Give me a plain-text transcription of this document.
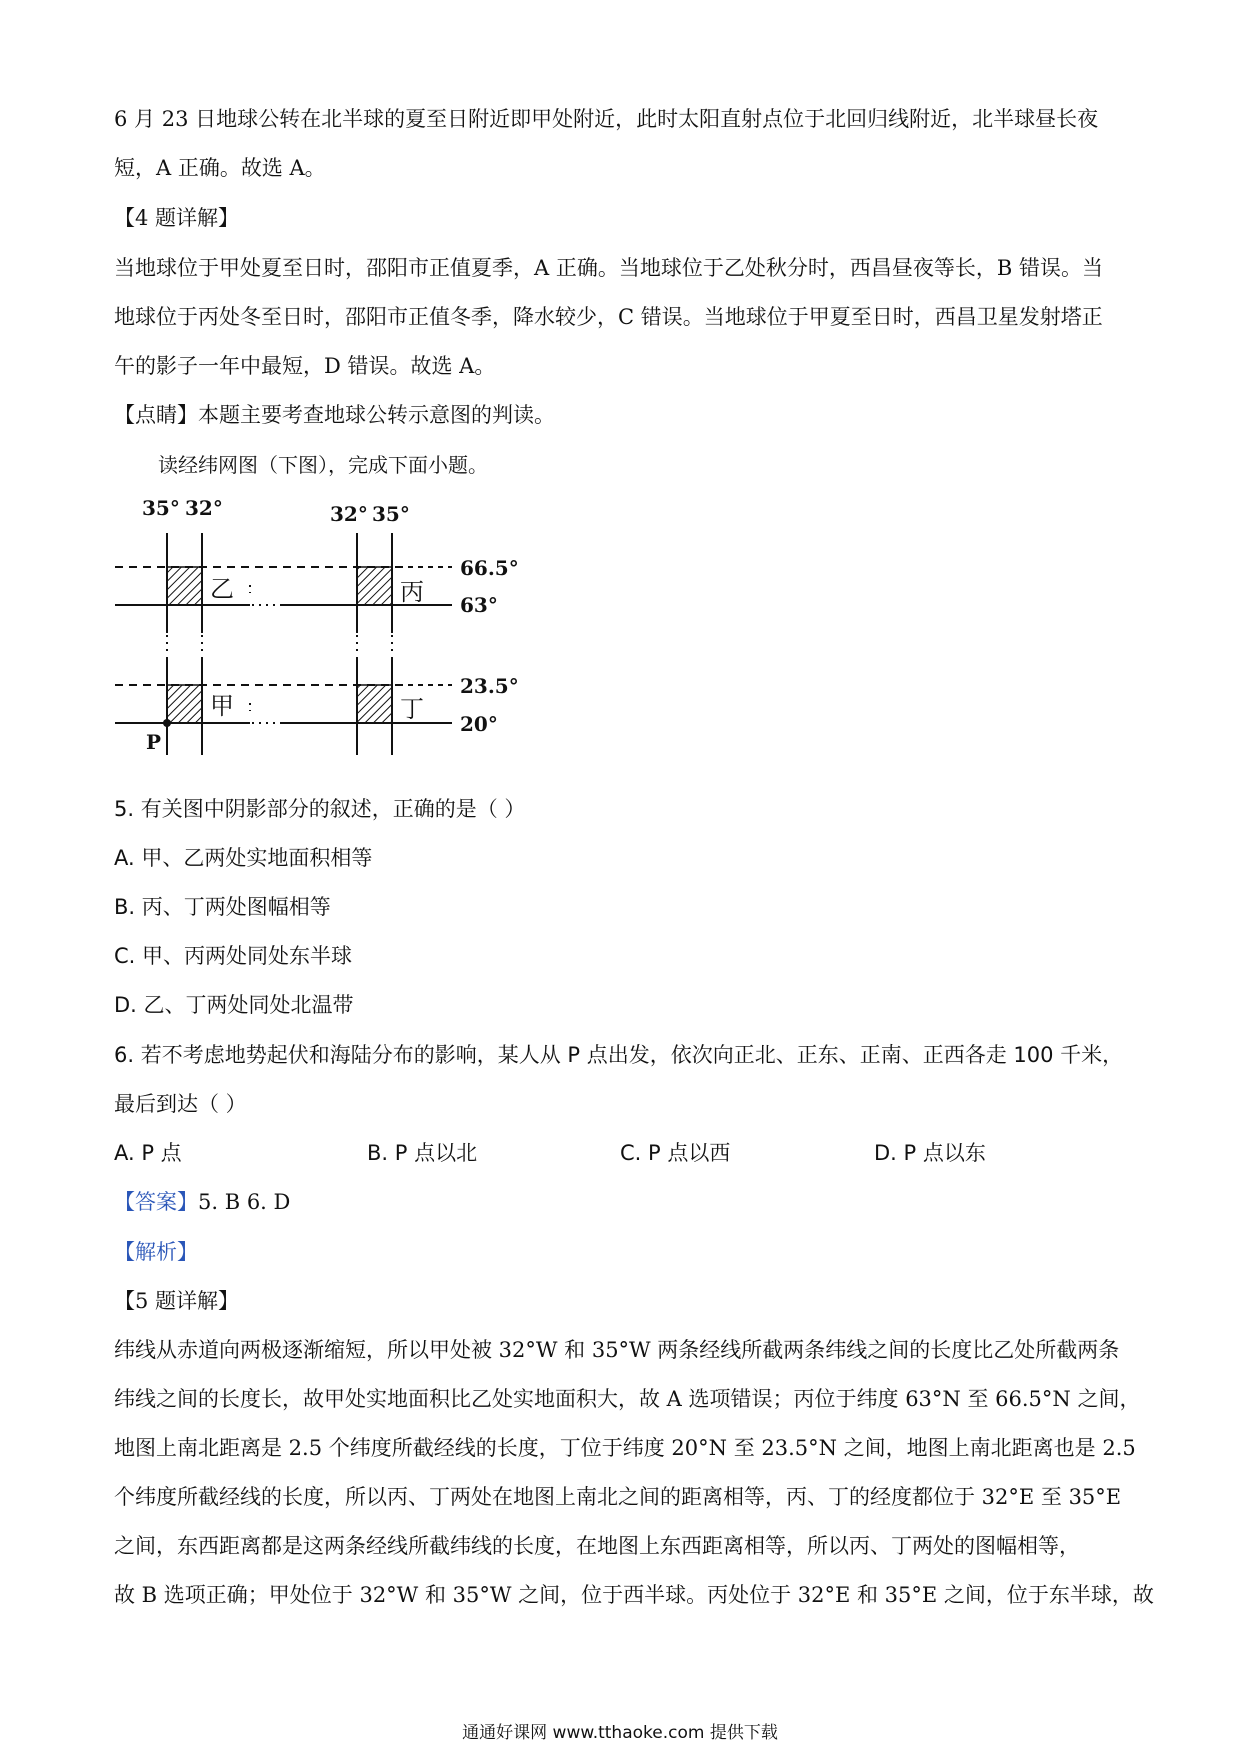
6 月 23 日地球公转在北半球的夏至日附近即甲处附近，此时太阳直射点位于北回归线附近，北半球昼长夜
短，A 正确。故选 A。
【4 题详解】
当地球位于甲处夏至日时，邵阳市正值夏季，A 正确。当地球位于乙处秋分时，西昌昼夜等长，B 错误。当
地球位于丙处冬至日时，邵阳市正值冬季，降水较少，C 错误。当地球位于甲夏至日时，西昌卫星发射塔正
午的影子一年中最短，D 错误。故选 A。
【点睛】本题主要考查地球公转示意图的判读。
读经纬网图（下图），完成下面小题。
35° 32°	32° 35°
66.5°
63°
23.5°
20°
乙	丙
甲	丁
P
5. 有关图中阴影部分的叙述，正确的是（ ）
A. 甲、乙两处实地面积相等
B. 丙、丁两处图幅相等
C. 甲、丙两处同处东半球
D. 乙、丁两处同处北温带
6. 若不考虑地势起伏和海陆分布的影响，某人从 P 点出发，依次向正北、正东、正南、正西各走 100 千米，
最后到达（ ）
A. P 点	B. P 点以北	C. P 点以西	D. P 点以东
【答案】5. B 6. D
【解析】
【5 题详解】
纬线从赤道向两极逐渐缩短，所以甲处被 32°W 和 35°W 两条经线所截两条纬线之间的长度比乙处所截两条
纬线之间的长度长，故甲处实地面积比乙处实地面积大，故 A 选项错误；丙位于纬度 63°N 至 66.5°N 之间，
地图上南北距离是 2.5 个纬度所截经线的长度，丁位于纬度 20°N 至 23.5°N 之间，地图上南北距离也是 2.5
个纬度所截经线的长度，所以丙、丁两处在地图上南北之间的距离相等，丙、丁的经度都位于 32°E 至 35°E
之间，东西距离都是这两条经线所截纬线的长度，在地图上东西距离相等，所以丙、丁两处的图幅相等，
故 B 选项正确；甲处位于 32°W 和 35°W 之间，位于西半球。丙处位于 32°E 和 35°E 之间，位于东半球，故
通通好课网 www.tthaoke.com 提供下载
